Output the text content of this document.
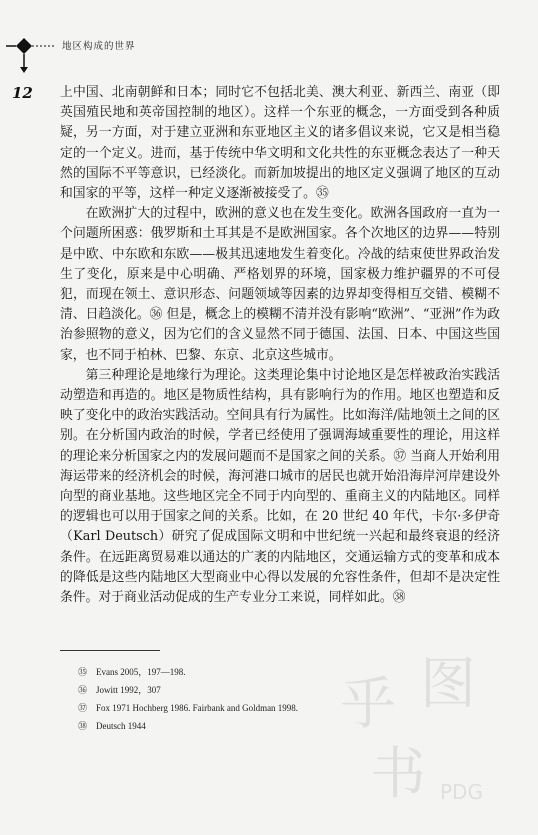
地区构成的世界
12 上中国、北南朝鲜和日本；同时它不包括北美、澳大利亚、新西兰、南亚（即英国殖民地和英帝国控制的地区）。这样一个东亚的概念，一方面受到各种质疑，另一方面，对于建立亚洲和东亚地区主义的诸多倡议来说，它又是相当稳定的一个定义。进而，基于传统中华文明和文化共性的东亚概念表达了一种天然的国际不平等意识，已经淡化。而新加坡提出的地区定义强调了地区的互动和国家的平等，这样一种定义逐渐被接受了。㉟

在欧洲扩大的过程中，欧洲的意义也在发生变化。欧洲各国政府一直为一个问题所困惑：俄罗斯和土耳其是不是欧洲国家。各个次地区的边界——特别是中欧、中东欧和东欧——极其迅速地发生着变化。冷战的结束使世界政治发生了变化，原来是中心明确、严格划界的环境，国家极力维护疆界的不可侵犯，而现在领土、意识形态、问题领域等因素的边界却变得相互交错、模糊不清、日趋淡化。㊱ 但是，概念上的模糊不清并没有影响“欧洲”、“亚洲”作为政治参照物的意义，因为它们的含义显然不同于德国、法国、日本、中国这些国家，也不同于柏林、巴黎、东京、北京这些城市。

第三种理论是地缘行为理论。这类理论集中讨论地区是怎样被政治实践活动塑造和再造的。地区是物质性结构，具有影响行为的作用。地区也塑造和反映了变化中的政治实践活动。空间具有行为属性。比如海洋/陆地领土之间的区别。在分析国内政治的时候，学者已经使用了强调海域重要性的理论，用这样的理论来分析国家之内的发展问题而不是国家之间的关系。㊲ 当商人开始利用海运带来的经济机会的时候，海河港口城市的居民也就开始沿海岸河岸建设外向型的商业基地。这些地区完全不同于内向型的、重商主义的内陆地区。同样的逻辑也可以用于国家之间的关系。比如，在 20 世纪 40 年代，卡尔·多伊奇（Karl Deutsch）研究了促成国际文明和中世纪统一兴起和最终衰退的经济条件。在远距离贸易难以通达的广袤的内陆地区，交通运输方式的变革和成本的降低是这些内陆地区大型商业中心得以发展的允容性条件，但却不是决定性条件。对于商业活动促成的生产专业分工来说，同样如此。㊳

㉟ Evans 2005，197—198.
㊱ Jowitt 1992，307
㊲ Fox 1971 Hochberg 1986. Fairbank and Goldman 1998.
㊳ Deutsch 1944	乎 图
书 PDG
